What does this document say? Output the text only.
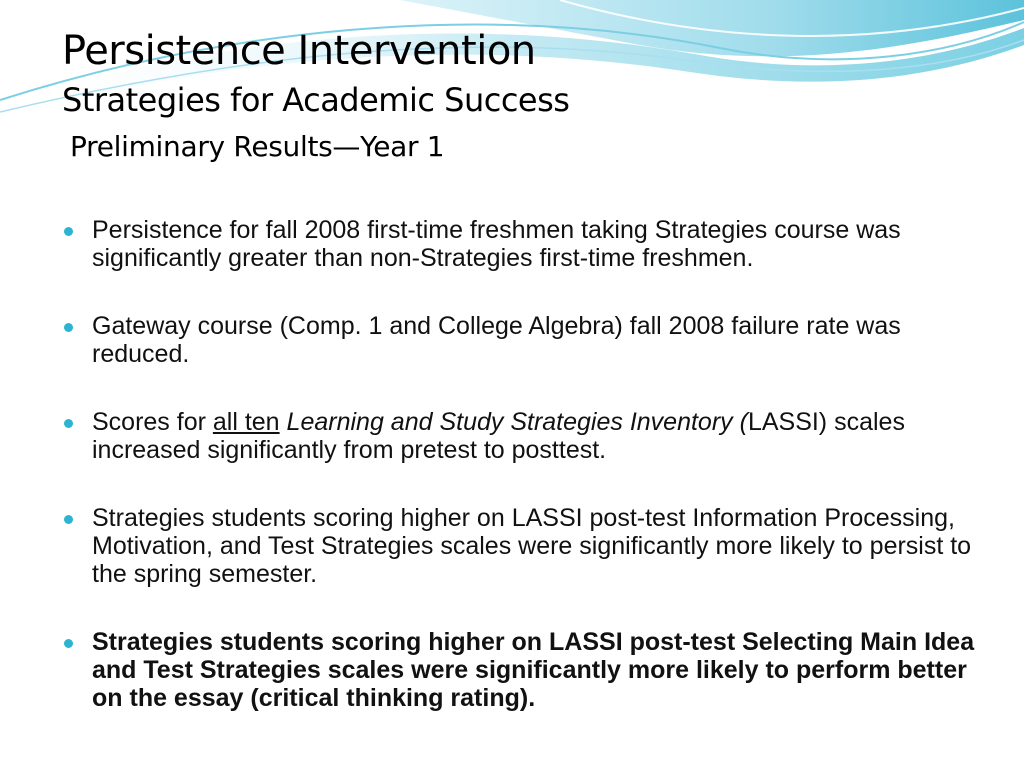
Persistence Intervention
Strategies for Academic Success
Preliminary Results—Year 1
Persistence for fall 2008 first-time freshmen taking Strategies course was significantly greater than non-Strategies first-time freshmen.
Gateway course (Comp. 1 and College Algebra) fall 2008 failure rate was reduced.
Scores for all ten Learning and Study Strategies Inventory (LASSI) scales increased significantly from pretest to posttest.
Strategies students scoring higher on LASSI post-test Information Processing, Motivation, and Test Strategies scales were significantly more likely to persist to the spring semester.
Strategies students scoring higher on LASSI post-test Selecting Main Idea and Test Strategies scales were significantly more likely to perform better on the essay (critical thinking rating).
